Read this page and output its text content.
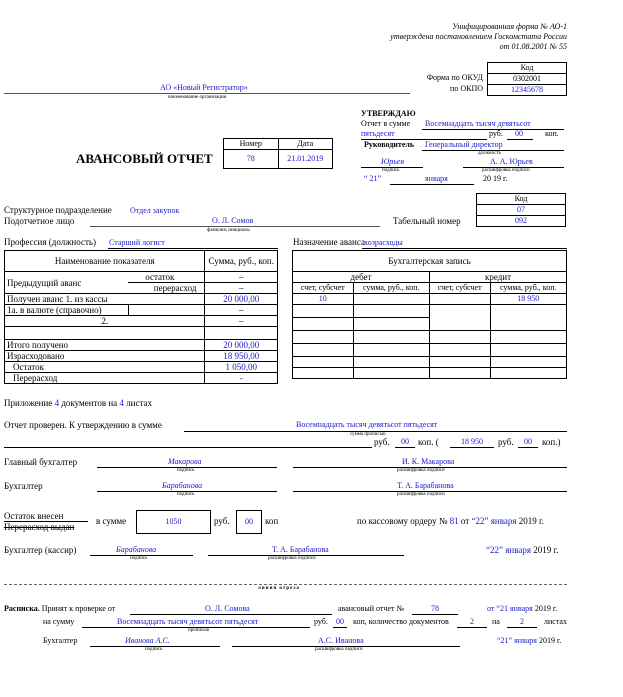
Унифицированная форма № АО-1
утверждена постановлением Госкомстата России
от 01.08.2001 № 55
Код
0302001
12345678
Форма по ОКУД
по ОКПО
АО «Новый Регистратор»
наименование организации
АВАНСОВЫЙ ОТЧЕТ
Номер	Дата
78	21.01.2019
УТВЕРЖДАЮ
Отчет в сумме Восемнадцать тысяч девятьсот
пятьдесят	руб.	00	коп.
Руководитель Генеральный директор
должность
Юрьев
подпись
А. А. Юрьев
расшифровка подписи
“ 21”	января	20 19 г.
Код
07
092
Структурное подразделение Отдел закупок
Подотчетное лицо	О. Л. Сомов
фамилия, инициалы
Табельный номер
Профессия (должность) Старший логист	Назначение аванса хозрасходы
Наименование показателя		Сумма, руб., коп.
Предыдущий аванс	остаток	–
	перерасход	–
Получен аванс 1. из кассы		20 000,00
1а. в валюте (справочно)		–
2.		–

Итого получено		20 000,00
Израсходовано		18 950,00
Остаток		1 050,00
Перерасход		-
Бухгалтерская запись			
дебет		кредит	
счет, субсчет	сумма, руб., коп.	счет, субсчет	сумма, руб., коп.
10			18 950

Приложение 4 документов на 4 листах
Отчет проверен. К утверждению в сумме	Восемнадцать тысяч девятьсот пятьдесят
сумма прописью
руб.	00	коп. (	18 950	руб.	00	коп.)
Главный бухгалтер	Макарова
подпись
И. К. Макарова
расшифровка подписи
Бухгалтер	Барабанова
подпись
Т. А. Барабанова
расшифровка подписи
Остаток внесен
Перерасход выдан
в сумме	1050	руб.	00	коп	по кассовому ордеру № 81 от “22” января 2019 г.
Бухгалтер (кассир)	Барабанова
подпись
Т. А. Барабанова
расшифровка подписи
“22” января 2019 г.
линия отреза
Расписка. Принят к проверке от	О. Л. Сомова	авансовый отчет №	78	от “21 января 2019 г.
на сумму	Восемнадцать тысяч девятьсот пятьдесят
прописью
руб.	00	коп, количество документов	2	на	2	листах
Бухгалтер	Иванова А.С.
подпись
А.С. Иванова
расшифровка подписи
“21” января 2019 г.
